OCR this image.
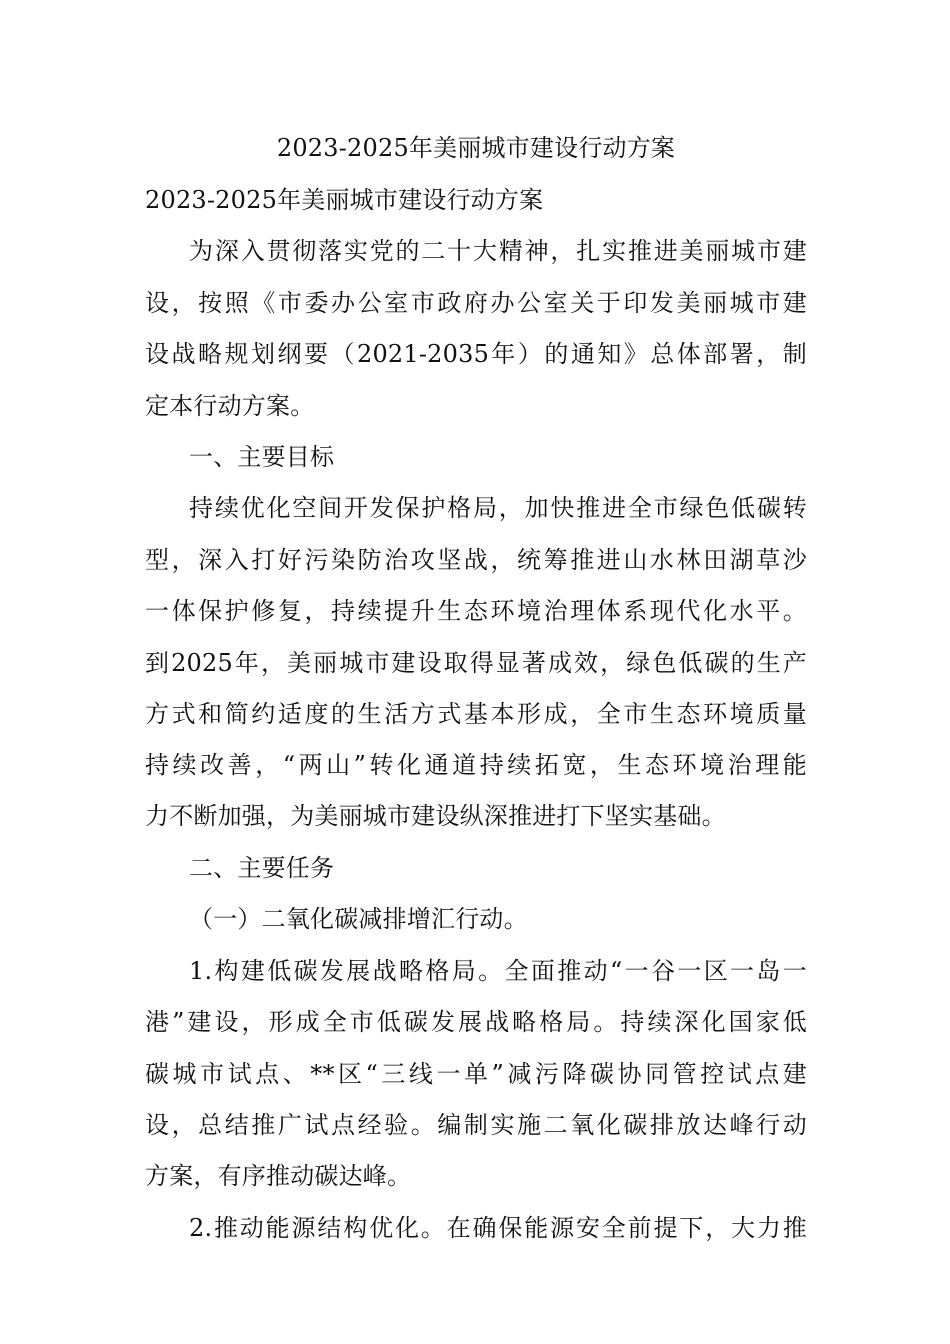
2023-2025年美丽城市建设行动方案
2023-2025年美丽城市建设行动方案
为深入贯彻落实党的二十大精神，扎实推进美丽城市建
设，按照《市委办公室市政府办公室关于印发美丽城市建
设战略规划纲要（2021-2035年）的通知》总体部署，制
定本行动方案。
一、主要目标
持续优化空间开发保护格局，加快推进全市绿色低碳转
型，深入打好污染防治攻坚战，统筹推进山水林田湖草沙
一体保护修复，持续提升生态环境治理体系现代化水平。
到2025年，美丽城市建设取得显著成效，绿色低碳的生产
方式和简约适度的生活方式基本形成，全市生态环境质量
持续改善，“两山”转化通道持续拓宽，生态环境治理能
力不断加强，为美丽城市建设纵深推进打下坚实基础。
二、主要任务
（一）二氧化碳减排增汇行动。
1.构建低碳发展战略格局。全面推动“一谷一区一岛一
港”建设，形成全市低碳发展战略格局。持续深化国家低
碳城市试点、**区“三线一单”减污降碳协同管控试点建
设，总结推广试点经验。编制实施二氧化碳排放达峰行动
方案，有序推动碳达峰。
2.推动能源结构优化。在确保能源安全前提下，大力推
